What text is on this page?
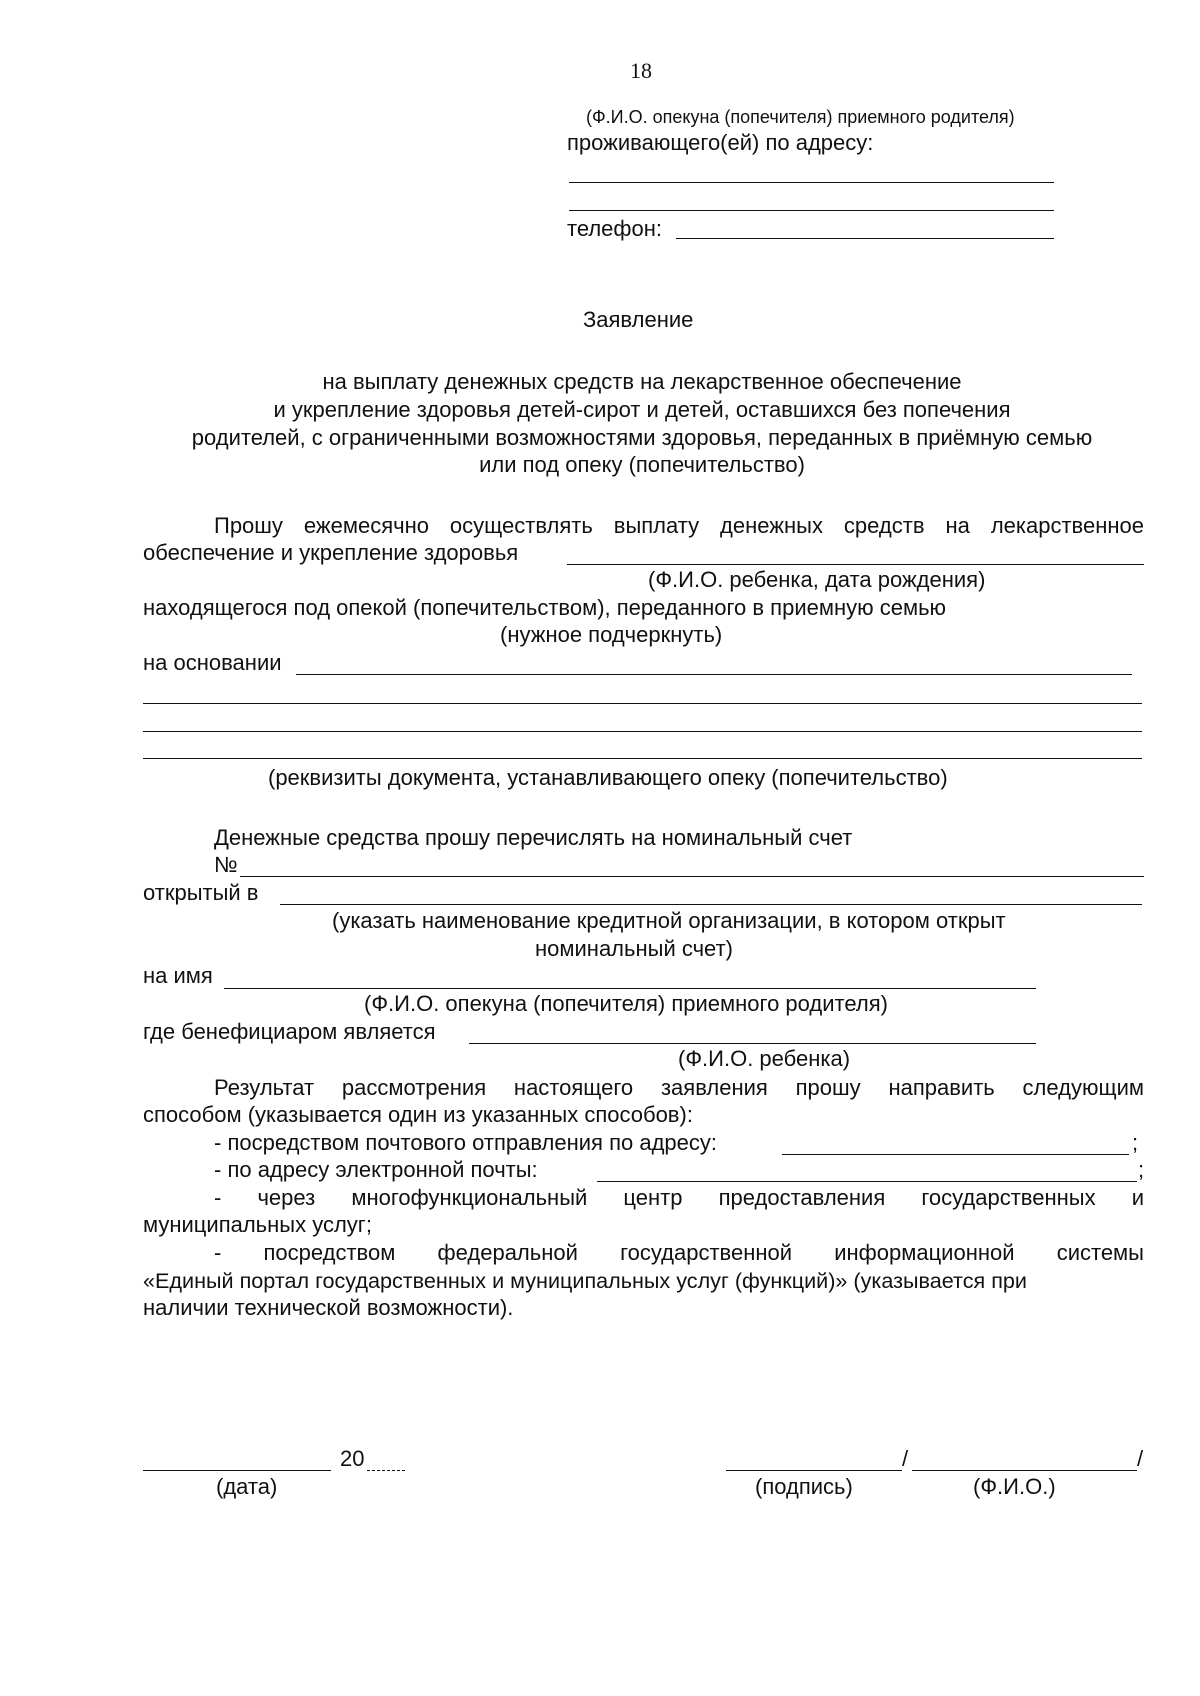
18
(Ф.И.О. опекуна (попечителя) приемного родителя)
проживающего(ей) по адресу:
телефон:
Заявление
на выплату денежных средств на лекарственное обеспечение
и укрепление здоровья детей-сирот и детей, оставшихся без попечения
родителей, с ограниченными возможностями здоровья, переданных в приёмную семью
или под опеку (попечительство)
Прошу ежемесячно осуществлять выплату денежных средств на лекарственное
обеспечение и укрепление здоровья
(Ф.И.О. ребенка, дата рождения)
находящегося под опекой (попечительством), переданного в приемную семью
(нужное подчеркнуть)
на основании
(реквизиты документа, устанавливающего опеку (попечительство)
Денежные средства прошу перечислять на номинальный счет
№
открытый в
(указать наименование кредитной организации, в котором открыт
номинальный счет)
на имя
(Ф.И.О. опекуна (попечителя) приемного родителя)
где бенефициаром является
(Ф.И.О. ребенка)
Результат рассмотрения настоящего заявления прошу направить следующим
способом (указывается один из указанных способов):
- посредством почтового отправления по адресу:	;
- по адресу электронной почты:	;
- через многофункциональный центр предоставления государственных и
муниципальных услуг;
- посредством федеральной государственной информационной системы
«Единый портал государственных и муниципальных услуг (функций)» (указывается при
наличии технической возможности).
20
(дата)
/	/
(подпись)	(Ф.И.О.)
